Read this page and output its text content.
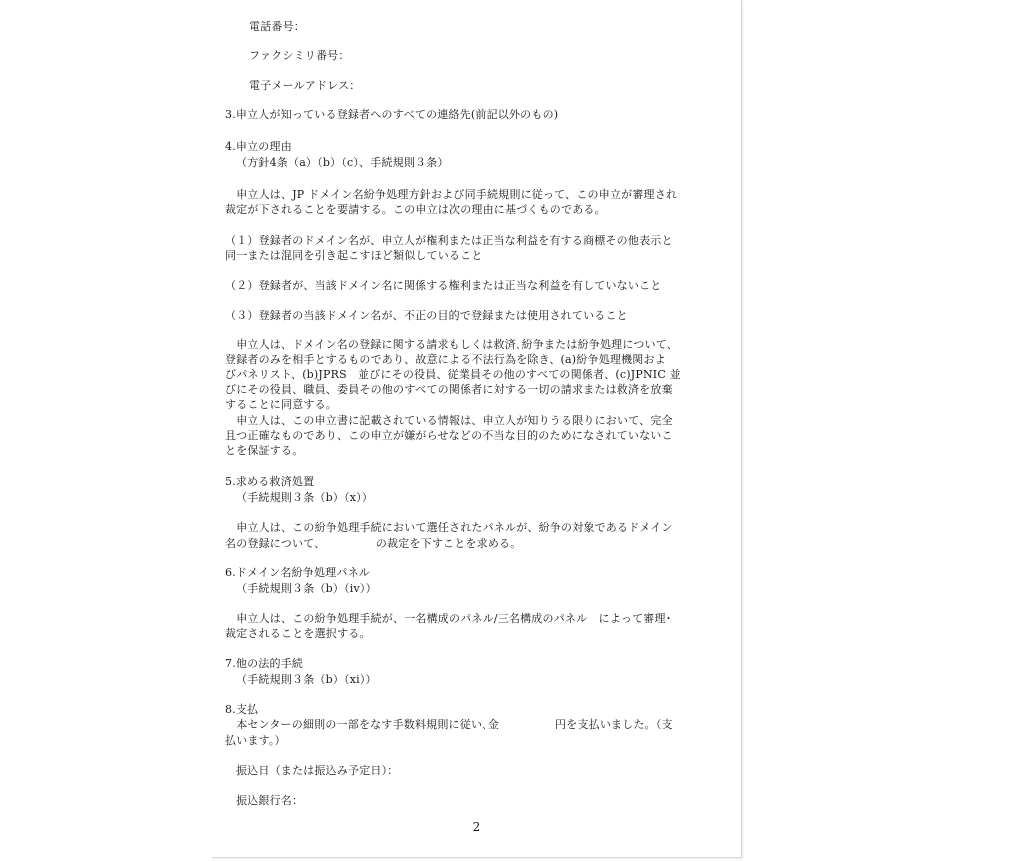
電話番号：
ファクシミリ番号：
電子メールアドレス：
3.申立人が知っている登録者へのすべての連絡先(前記以外のもの)
4.申立の理由
（方針4条（a）（b）（c）、手続規則３条）
　申立人は、JP ドメイン名紛争処理方針および同手続規則に従って、この申立が審理され
裁定が下されることを要請する。この申立は次の理由に基づくものである。
（１）登録者のドメイン名が、申立人が権利または正当な利益を有する商標その他表示と
同一または混同を引き起こすほど類似していること
（２）登録者が、当該ドメイン名に関係する権利または正当な利益を有していないこと
（３）登録者の当該ドメイン名が、不正の目的で登録または使用されていること
　申立人は、ドメイン名の登録に関する請求もしくは救済､紛争または紛争処理について、
登録者のみを相手とするものであり、故意による不法行為を除き、(a)紛争処理機関およ
びパネリスト、(b)JPRS　並びにその役員、従業員その他のすべての関係者、(c)JPNIC 並
びにその役員、職員、委員その他のすべての関係者に対する一切の請求または救済を放棄
することに同意する。
　申立人は、この申立書に記載されている情報は、申立人が知りうる限りにおいて、完全
且つ正確なものであり、この申立が嫌がらせなどの不当な目的のためになされていないこ
とを保証する。
5.求める救済処置
（手続規則３条（b）（x））
　申立人は、この紛争処理手続において選任されたパネルが、紛争の対象であるドメイン
名の登録について、　　　　　の裁定を下すことを求める。
6.ドメイン名紛争処理パネル
（手続規則３条（b）（iv））
　申立人は、この紛争処理手続が、一名構成のパネル/三名構成のパネル　によって審理･
裁定されることを選択する。
7.他の法的手続
（手続規則３条（b）（xi））
8.支払
　本センターの細則の一部をなす手数料規則に従い､金　　　　　円を支払いました。（支
払います。）
振込日（または振込み予定日）：
振込銀行名：
2
